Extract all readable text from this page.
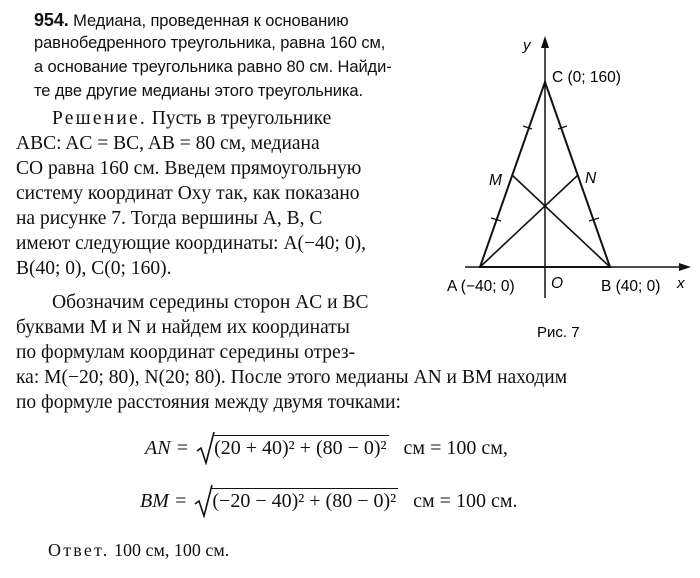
954. Медиана, проведенная к основанию
равнобедренного треугольника, равна 160 см,
а основание треугольника равно 80 см. Найди-
те две другие медианы этого треугольника.
Решение. Пусть в треугольнике
ABC: AC = BC, AB = 80 см, медиана
CO равна 160 см. Введем прямоугольную
систему координат Oxy так, как показано
на рисунке 7. Тогда вершины A, B, C
имеют следующие координаты: A(−40; 0),
B(40; 0), C(0; 160).
Обозначим середины сторон AC и BC
буквами M и N и найдем их координаты
по формулам координат середины отрез-
ка: M(−20; 80), N(20; 80). После этого медианы AN и BM находим
по формуле расстояния между двумя точками:
AN = (20 + 40)² + (80 − 0)² см = 100 см,
BM = (−20 − 40)² + (80 − 0)² см = 100 см.
Ответ. 100 см, 100 см.
y
x
C (0; 160)
A (−40; 0) O B (40; 0)
M	N
Рис. 7
